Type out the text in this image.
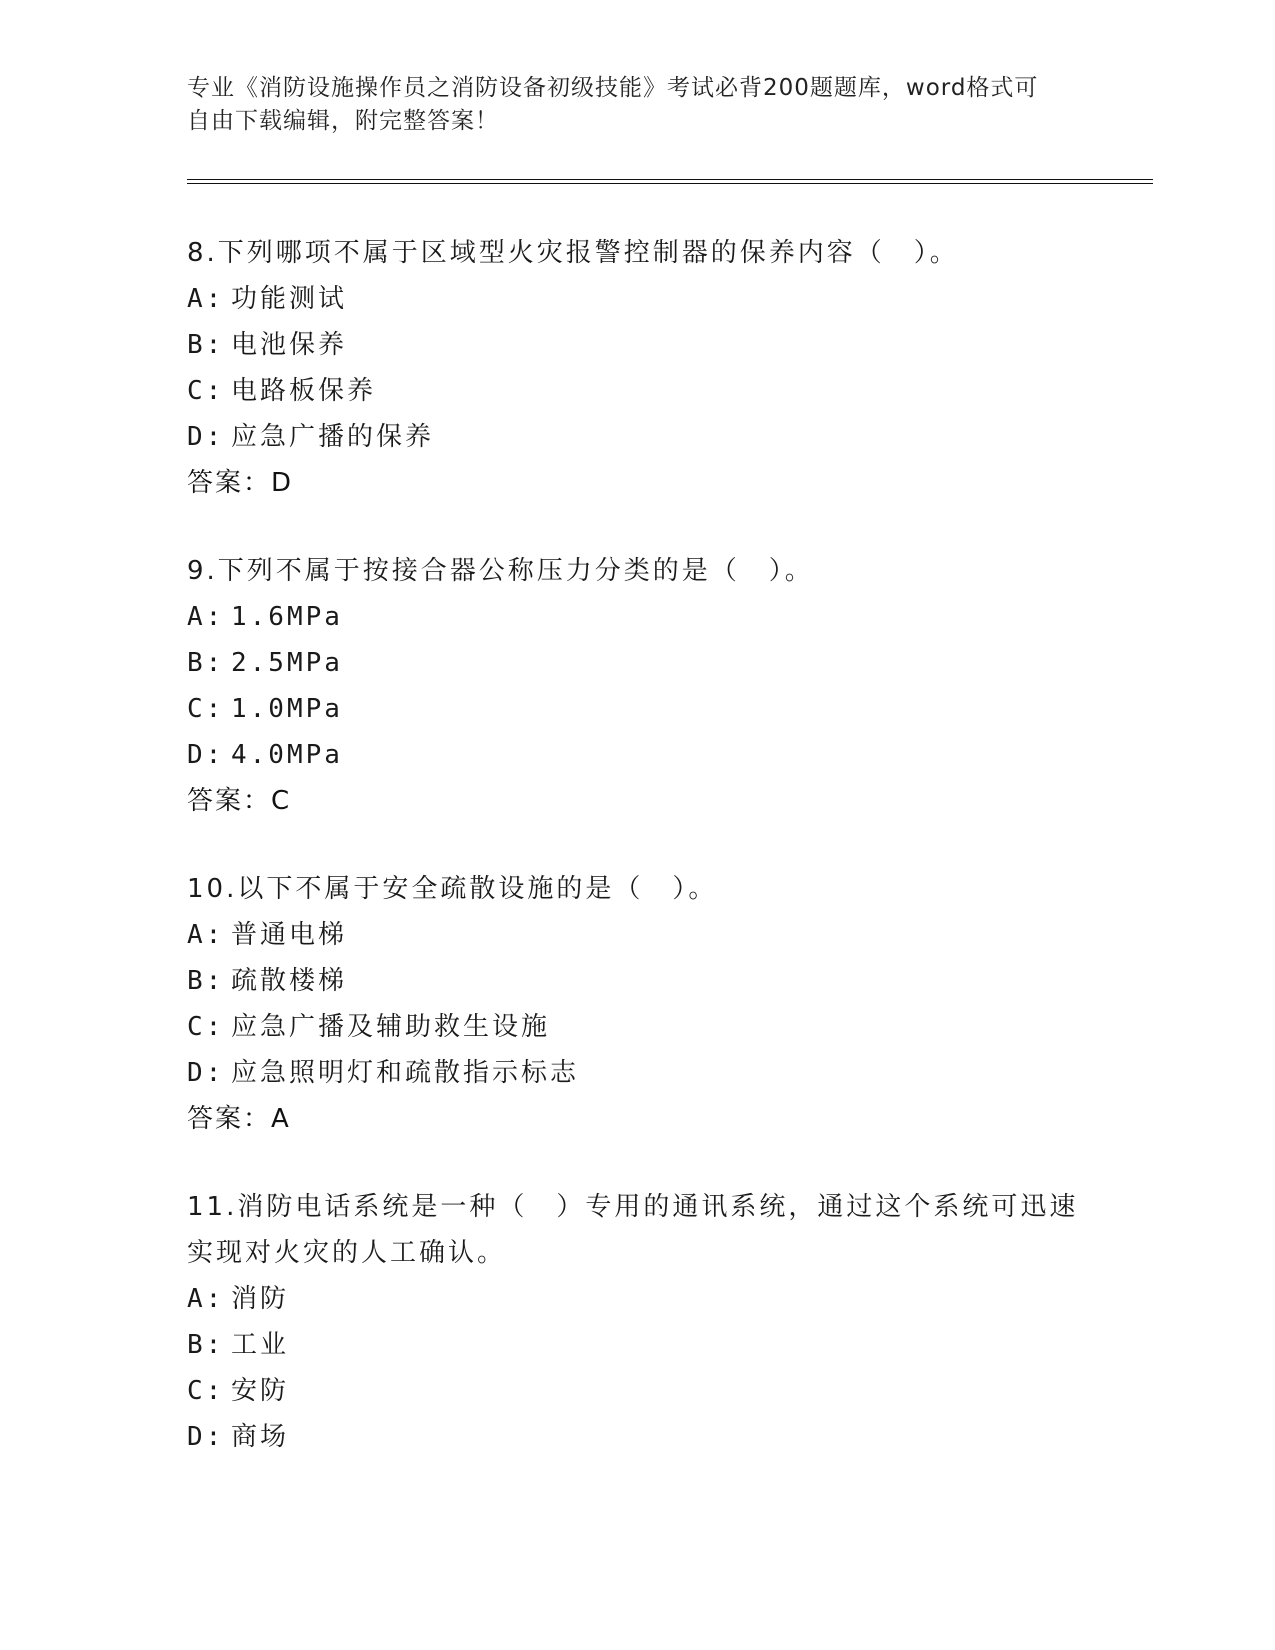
专业《消防设施操作员之消防设备初级技能》考试必背200题题库，word格式可
自由下载编辑，附完整答案！
8.下列哪项不属于区域型火灾报警控制器的保养内容（　）。
A: 功能测试
B: 电池保养
C: 电路板保养
D: 应急广播的保养
答案：D
9.下列不属于按接合器公称压力分类的是（　）。
A: 1.6MPa
B: 2.5MPa
C: 1.0MPa
D: 4.0MPa
答案：C
10.以下不属于安全疏散设施的是（　）。
A: 普通电梯
B: 疏散楼梯
C: 应急广播及辅助救生设施
D: 应急照明灯和疏散指示标志
答案：A
11.消防电话系统是一种（　）专用的通讯系统，通过这个系统可迅速
实现对火灾的人工确认。
A: 消防
B: 工业
C: 安防
D: 商场
